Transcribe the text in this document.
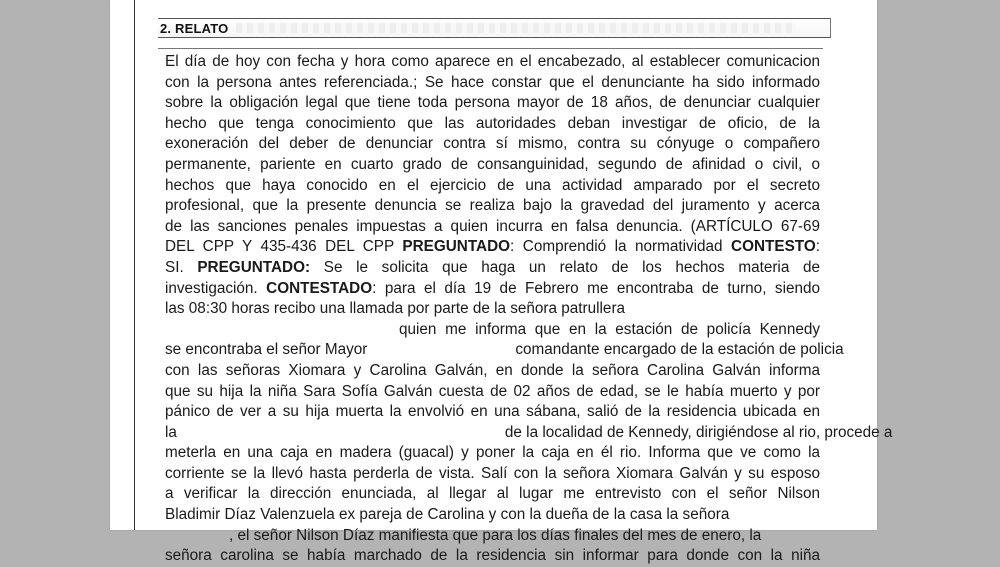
2. RELATO
El día de hoy con fecha y hora como aparece en el encabezado, al establecer comunicacion
con la persona antes referenciada.; Se hace constar que el denunciante ha sido informado
sobre la obligación legal que tiene toda persona mayor de 18 años, de denunciar cualquier
hecho que tenga conocimiento que las autoridades deban investigar de oficio, de la
exoneración del deber de denunciar contra sí mismo, contra su cónyuge o compañero
permanente, pariente en cuarto grado de consanguinidad, segundo de afinidad o civil, o
hechos que haya conocido en el ejercicio de una actividad amparado por el secreto
profesional, que la presente denuncia se realiza bajo la gravedad del juramento y acerca
de las sanciones penales impuestas a quien incurra en falsa denuncia. (ARTÍCULO 67-69
DEL CPP Y 435-436 DEL CPP PREGUNTADO: Comprendió la normatividad CONTESTO:
SI. PREGUNTADO: Se le solicita que haga un relato de los hechos materia de
investigación. CONTESTADO: para el día 19 de Febrero me encontraba de turno, siendo
las 08:30 horas recibo una llamada por parte de la señora patrullera
quien me informa que en la estación de policía Kennedy
se encontraba el señor Mayor	comandante encargado de la estación de policia
con las señoras Xiomara y Carolina Galván, en donde la señora Carolina Galván informa
que su hija la niña Sara Sofía Galván cuesta de 02 años de edad, se le había muerto y por
pánico de ver a su hija muerta la envolvió en una sábana, salió de la residencia ubicada en
la	de la localidad de Kennedy, dirigiéndose al rio, procede a
meterla en una caja en madera (guacal) y poner la caja en él rio. Informa que ve como la
corriente se la llevó hasta perderla de vista. Salí con la señora Xiomara Galván y su esposo
a verificar la dirección enunciada, al llegar al lugar me entrevisto con el señor Nilson
Bladimir Díaz Valenzuela ex pareja de Carolina y con la dueña de la casa la señora
, el señor Nilson Díaz manifiesta que para los días finales del mes de enero, la
señora carolina se había marchado de la residencia sin informar para donde con la niña
